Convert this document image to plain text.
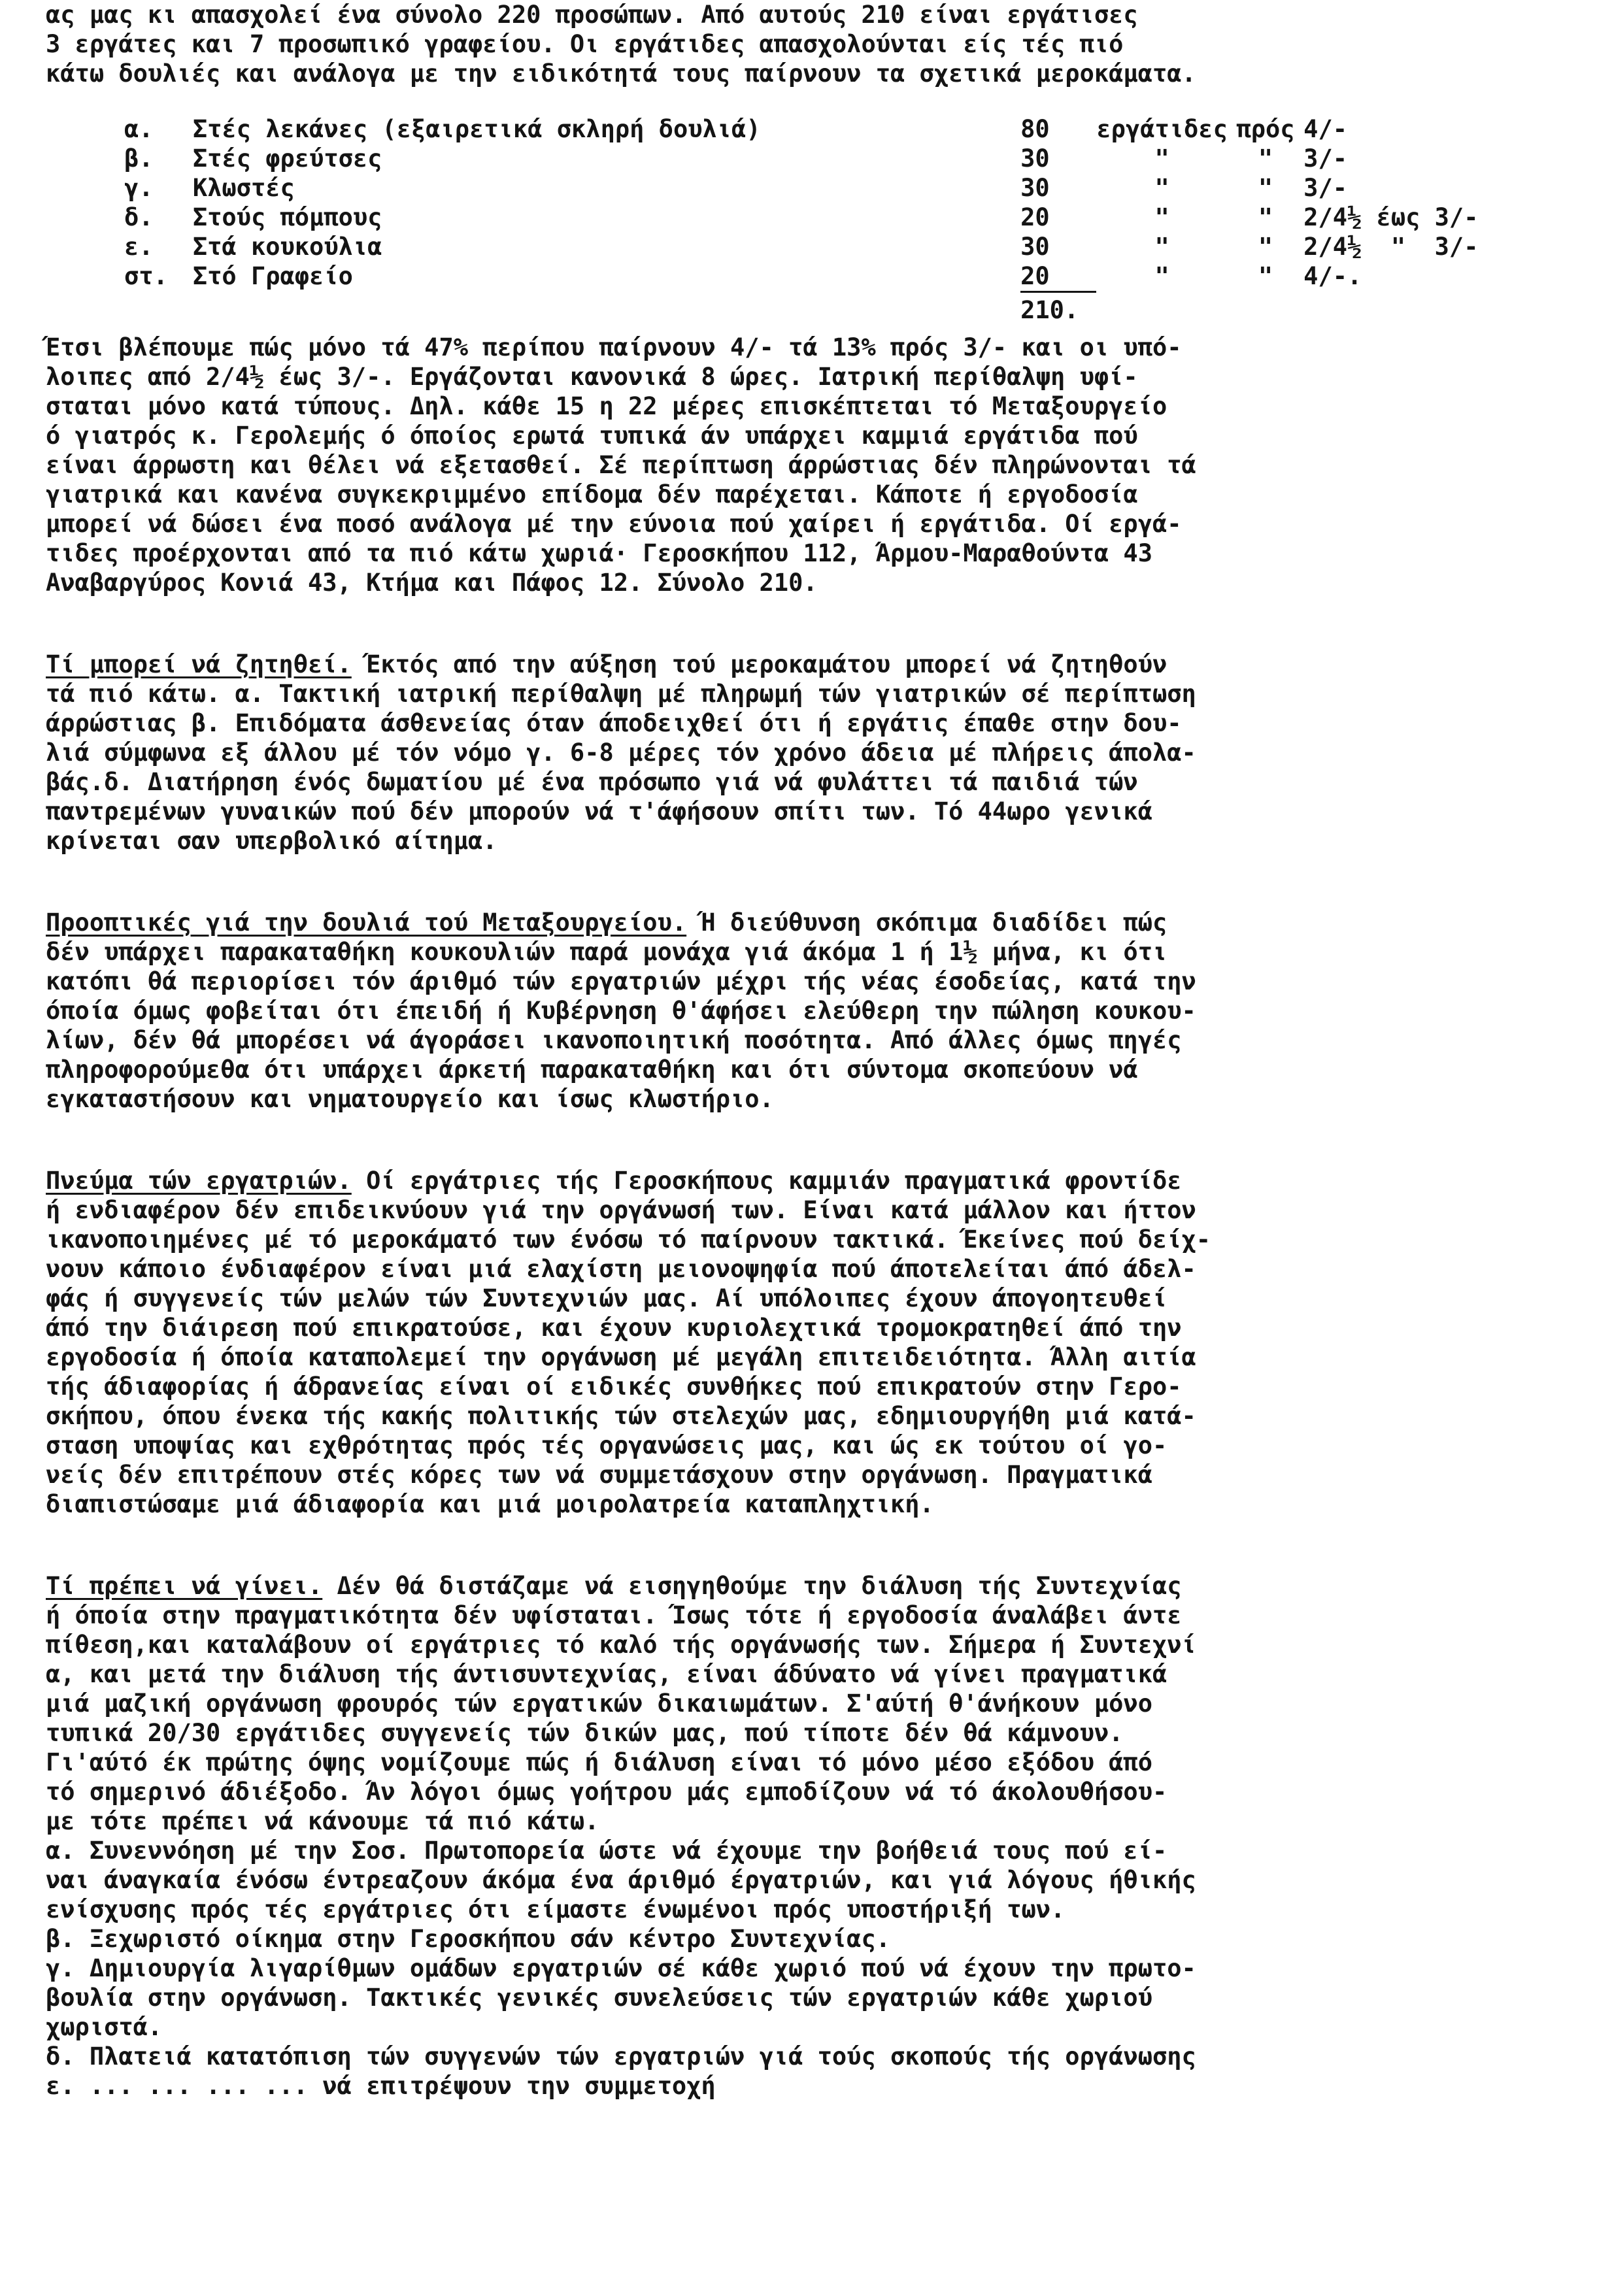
ας μας κι απασχολεί ένα σύνολο 220 προσώπων. Από αυτούς 210 είναι εργάτισες

3 εργάτες και 7 προσωπικό γραφείου. Οι εργάτιδες απασχολούνται είς τές πιό

κάτω δουλιές και ανάλογα με την ειδικότητά τους παίρνουν τα σχετικά μεροκάματα.

α.	Στές λεκάνες (εξαιρετικά σκληρή δουλιά)	80	εργάτιδες	πρός	4/-
β.	Στές φρεύτσες	30	"	"	3/-
γ.	Κλωστές	30	"	"	3/-
δ.	Στούς πόμπους	20	"	"	2/4½ έως 3/-
ε.	Στά κουκούλια	30	"	"	2/4½  "  3/-
στ.	Στό Γραφείο	20	"	"	4/-.
		210.			

Έτσι βλέπουμε πώς μόνο τά 47% περίπου παίρνουν 4/- τά 13% πρός 3/- και οι υπό-

λοιπες από 2/4½ έως 3/-. Εργάζονται κανονικά 8 ώρες. Ιατρική περίθαλψη υφί-

σταται μόνο κατά τύπους. Δηλ. κάθε 15 η 22 μέρες επισκέπτεται τό Μεταξουργείο

ό γιατρός κ. Γερολεμής ό όποίος ερωτά τυπικά άν υπάρχει καμμιά εργάτιδα πού

είναι άρρωστη και θέλει νά εξετασθεί. Σέ περίπτωση άρρώστιας δέν πληρώνονται τά

γιατρικά και κανένα συγκεκριμμένο επίδομα δέν παρέχεται. Κάποτε ή εργοδοσία

μπορεί νά δώσει ένα ποσό ανάλογα μέ την εύνοια πού χαίρει ή εργάτιδα. Οί εργά-

τιδες προέρχονται από τα πιό κάτω χωριά· Γεροσκήπου 112, Άρμου-Μαραθούντα 43

Αναβαργύρος Κονιά 43, Κτήμα και Πάφος 12. Σύνολο 210.

Τί μπορεί νά ζητηθεί. Έκτός από την αύξηση τού μεροκαμάτου μπορεί νά ζητηθούν

τά πιό κάτω. α. Τακτική ιατρική περίθαλψη μέ πληρωμή τών γιατρικών σέ περίπτωση

άρρώστιας β. Επιδόματα άσθενείας όταν άποδειχθεί ότι ή εργάτις έπαθε στην δου-

λιά σύμφωνα εξ άλλου μέ τόν νόμο γ. 6-8 μέρες τόν χρόνο άδεια μέ πλήρεις άπολα-

βάς.δ. Διατήρηση ένός δωματίου μέ ένα πρόσωπο γιά νά φυλάττει τά παιδιά τών

παντρεμένων γυναικών πού δέν μπορούν νά τ'άφήσουν σπίτι των. Τό 44ωρο γενικά

κρίνεται σαν υπερβολικό αίτημα.

Προοπτικές γιά την δουλιά τού Μεταξουργείου. Ή διεύθυνση σκόπιμα διαδίδει πώς

δέν υπάρχει παρακαταθήκη κουκουλιών παρά μονάχα γιά άκόμα 1 ή 1½ μήνα, κι ότι

κατόπι θά περιορίσει τόν άριθμό τών εργατριών μέχρι τής νέας έσοδείας, κατά την

όποία όμως φοβείται ότι έπειδή ή Κυβέρνηση θ'άφήσει ελεύθερη την πώληση κουκου-

λίων, δέν θά μπορέσει νά άγοράσει ικανοποιητική ποσότητα. Από άλλες όμως πηγές

πληροφορούμεθα ότι υπάρχει άρκετή παρακαταθήκη και ότι σύντομα σκοπεύουν νά

εγκαταστήσουν και νηματουργείο και ίσως κλωστήριο.

Πνεύμα τών εργατριών. Οί εργάτριες τής Γεροσκήπους καμμιάν πραγματικά φροντίδε

ή ενδιαφέρον δέν επιδεικνύουν γιά την οργάνωσή των. Είναι κατά μάλλον και ήττον

ικανοποιημένες μέ τό μεροκάματό των ένόσω τό παίρνουν τακτικά. Έκείνες πού δείχ-

νουν κάποιο ένδιαφέρον είναι μιά ελαχίστη μειονοψηφία πού άποτελείται άπό άδελ-

φάς ή συγγενείς τών μελών τών Συντεχνιών μας. Αί υπόλοιπες έχουν άπογοητευθεί

άπό την διάιρεση πού επικρατούσε, και έχουν κυριολεχτικά τρομοκρατηθεί άπό την

εργοδοσία ή όποία καταπολεμεί την οργάνωση μέ μεγάλη επιτειδειότητα. Άλλη αιτία

τής άδιαφορίας ή άδρανείας είναι οί ειδικές συνθήκες πού επικρατούν στην Γερο-

σκήπου, όπου ένεκα τής κακής πολιτικής τών στελεχών μας, εδημιουργήθη μιά κατά-

σταση υποψίας και εχθρότητας πρός τές οργανώσεις μας, και ώς εκ τούτου οί γο-

νείς δέν επιτρέπουν στές κόρες των νά συμμετάσχουν στην οργάνωση. Πραγματικά

διαπιστώσαμε μιά άδιαφορία και μιά μοιρολατρεία καταπληχτική.

Τί πρέπει νά γίνει. Δέν θά διστάζαμε νά εισηγηθούμε την διάλυση τής Συντεχνίας

ή όποία στην πραγματικότητα δέν υφίσταται. Ίσως τότε ή εργοδοσία άναλάβει άντε

πίθεση,και καταλάβουν οί εργάτριες τό καλό τής οργάνωσής των. Σήμερα ή Συντεχνί

α, και μετά την διάλυση τής άντισυντεχνίας, είναι άδύνατο νά γίνει πραγματικά

μιά μαζική οργάνωση φρουρός τών εργατικών δικαιωμάτων. Σ'αύτή θ'άνήκουν μόνο

τυπικά 20/30 εργάτιδες συγγενείς τών δικών μας, πού τίποτε δέν θά κάμνουν.

Γι'αύτό έκ πρώτης όψης νομίζουμε πώς ή διάλυση είναι τό μόνο μέσο εξόδου άπό

τό σημερινό άδιέξοδο. Άν λόγοι όμως γοήτρου μάς εμποδίζουν νά τό άκολουθήσου-

με τότε πρέπει νά κάνουμε τά πιό κάτω.

α. Συνεννόηση μέ την Σοσ. Πρωτοπορεία ώστε νά έχουμε την βοήθειά τους πού εί-

ναι άναγκαία ένόσω έντρεαζουν άκόμα ένα άριθμό έργατριών, και γιά λόγους ήθικής

ενίσχυσης πρός τές εργάτριες ότι είμαστε ένωμένοι πρός υποστήριξή των.

β. Ξεχωριστό οίκημα στην Γεροσκήπου σάν κέντρο Συντεχνίας.

γ. Δημιουργία λιγαρίθμων ομάδων εργατριών σέ κάθε χωριό πού νά έχουν την πρωτο-

βουλία στην οργάνωση. Τακτικές γενικές συνελεύσεις τών εργατριών κάθε χωριού

χωριστά.

δ. Πλατειά κατατόπιση τών συγγενών τών εργατριών γιά τούς σκοπούς τής οργάνωσης

ε. ... ... ... ... νά επιτρέψουν την συμμετοχή
